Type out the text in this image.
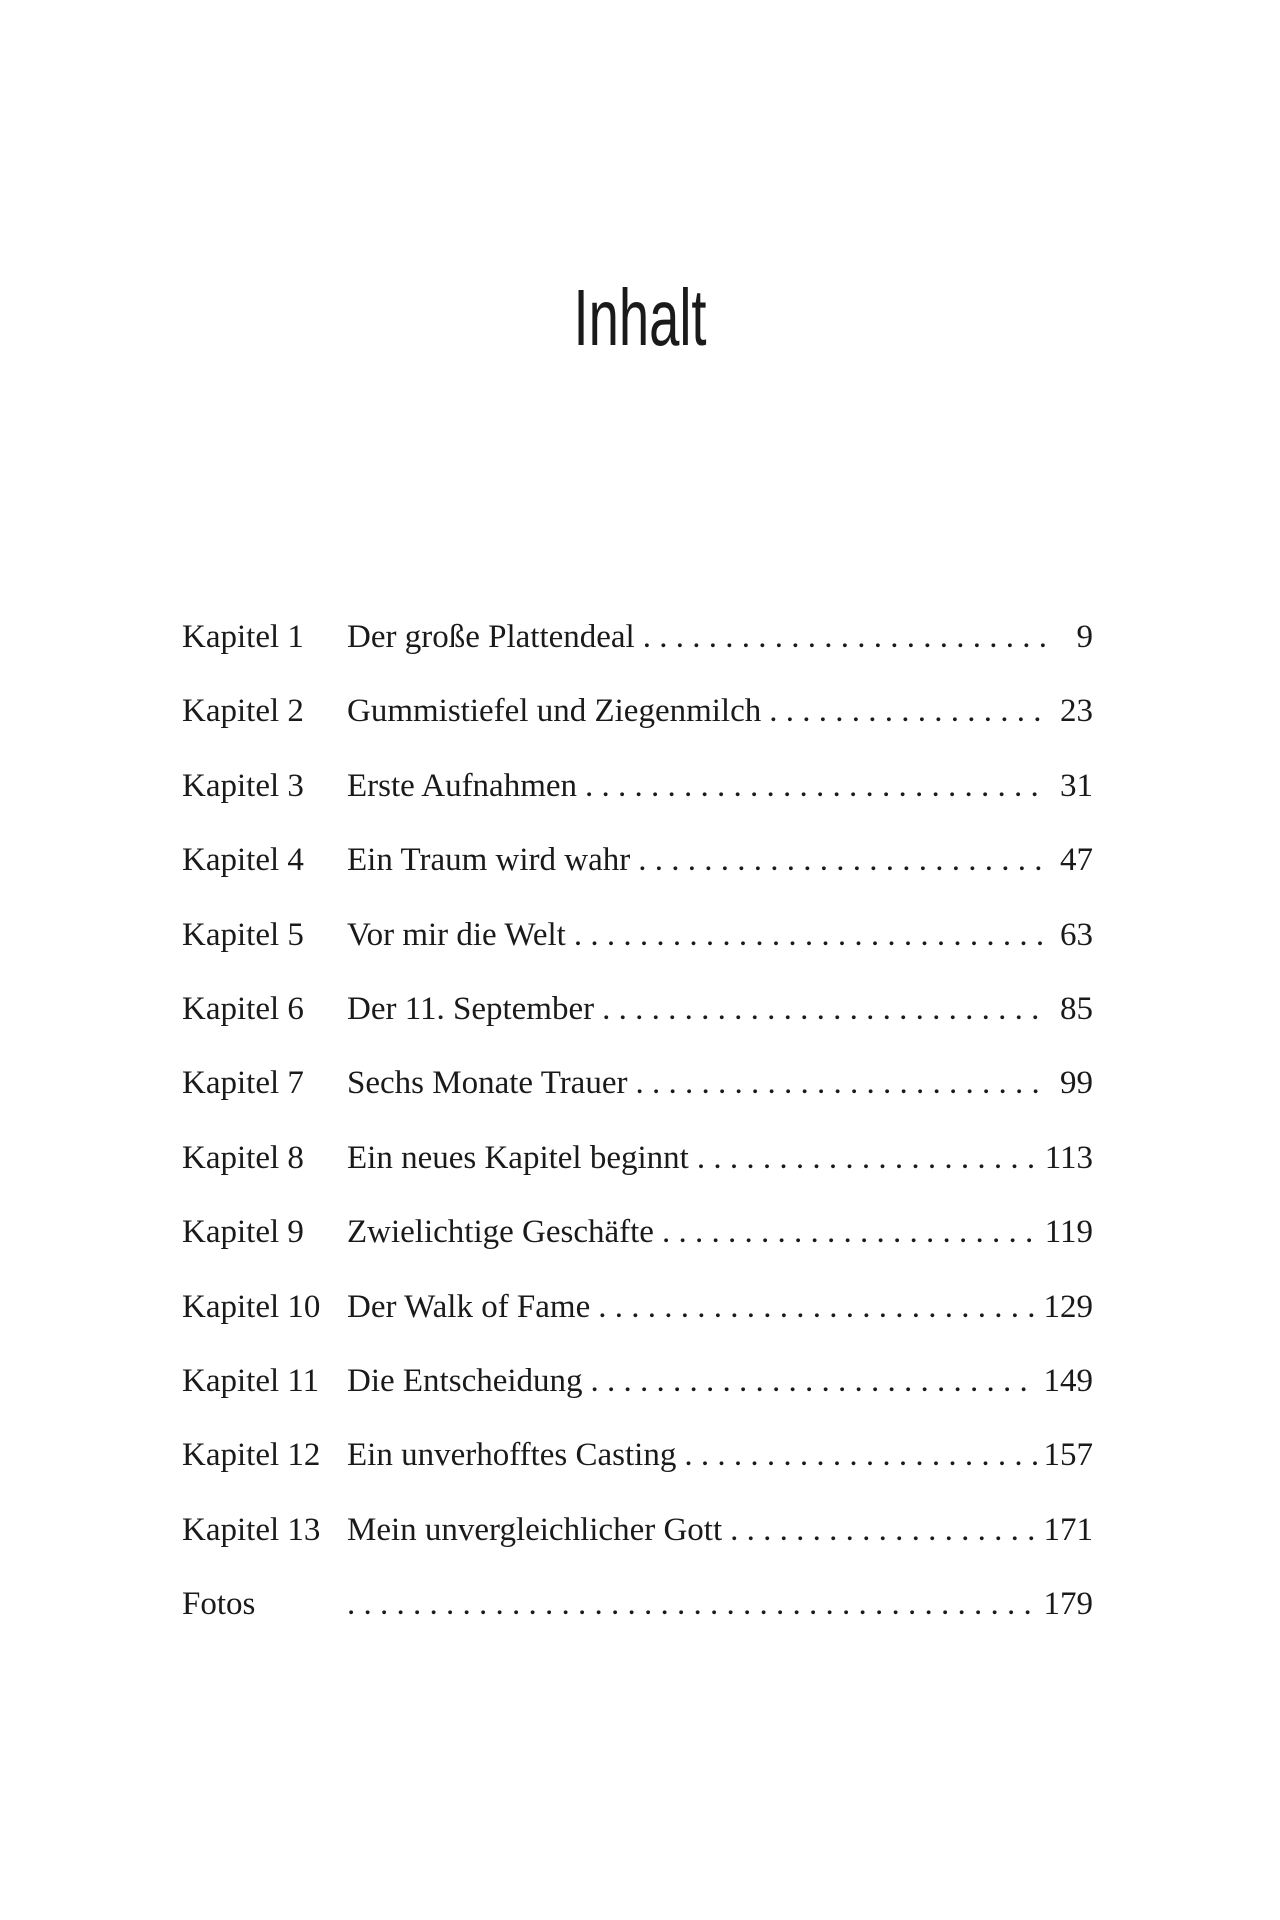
Inhalt
Kapitel 1	Der große Plattendeal . . .	9
Kapitel 2	Gummistiefel und Ziegenmilch . . .	23
Kapitel 3	Erste Aufnahmen . . .	31
Kapitel 4	Ein Traum wird wahr . . .	47
Kapitel 5	Vor mir die Welt . . .	63
Kapitel 6	Der 11. September . . .	85
Kapitel 7	Sechs Monate Trauer . . .	99
Kapitel 8	Ein neues Kapitel beginnt . . .	113
Kapitel 9	Zwielichtige Geschäfte . . .	119
Kapitel 10 Der Walk of Fame . . .	129
Kapitel 11 Die Entscheidung . . .	149
Kapitel 12 Ein unverhofftes Casting . . .	157
Kapitel 13 Mein unvergleichlicher Gott . . .	171
Fotos . . .	179
